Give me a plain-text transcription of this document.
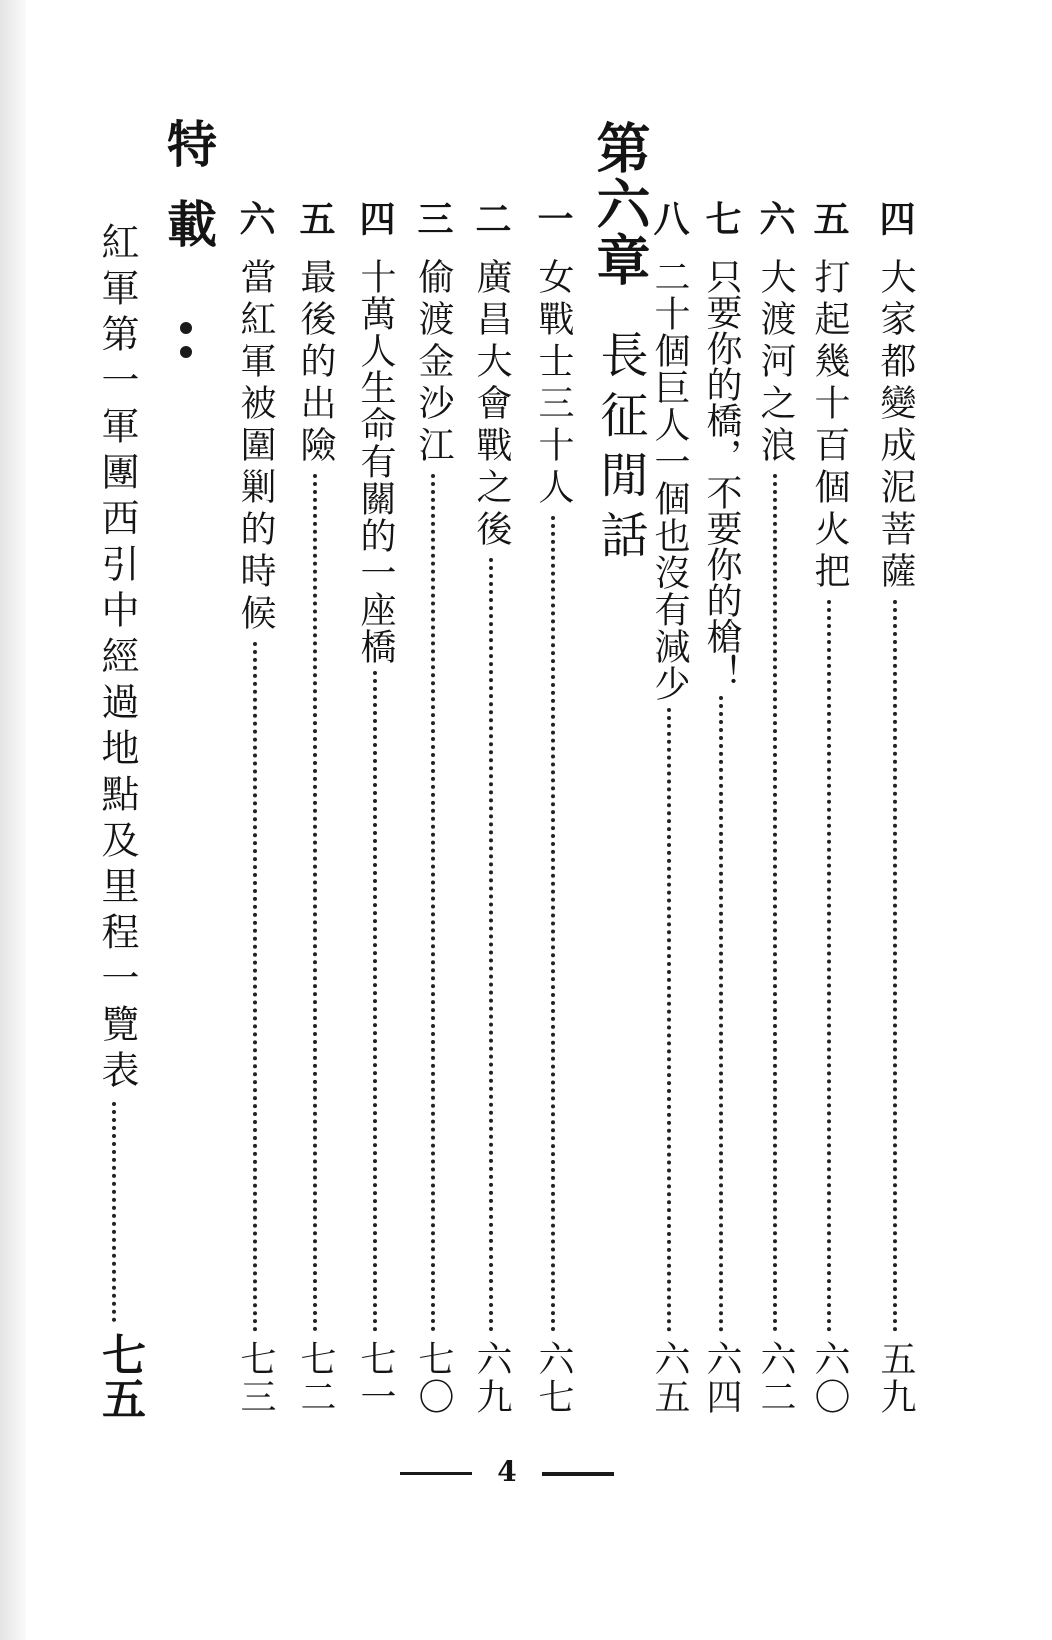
四
大家都變成泥菩薩
五九
五
打起幾十百個火把
六〇
六
大渡河之浪
六二
七
只要你的橋，不要你的槍！
六四
八
二十個巨人一個也沒有減少
六五
第六章
長征閒話
一
女戰士三十人
六七
二
廣昌大會戰之後
六九
三
偷渡金沙江
七〇
四
十萬人生命有關的一座橋
七一
五
最後的出險
七二
六
當紅軍被圍剿的時候
七三
特載
紅軍第一軍團西引中經過地點及里程一覽表
七五
4
